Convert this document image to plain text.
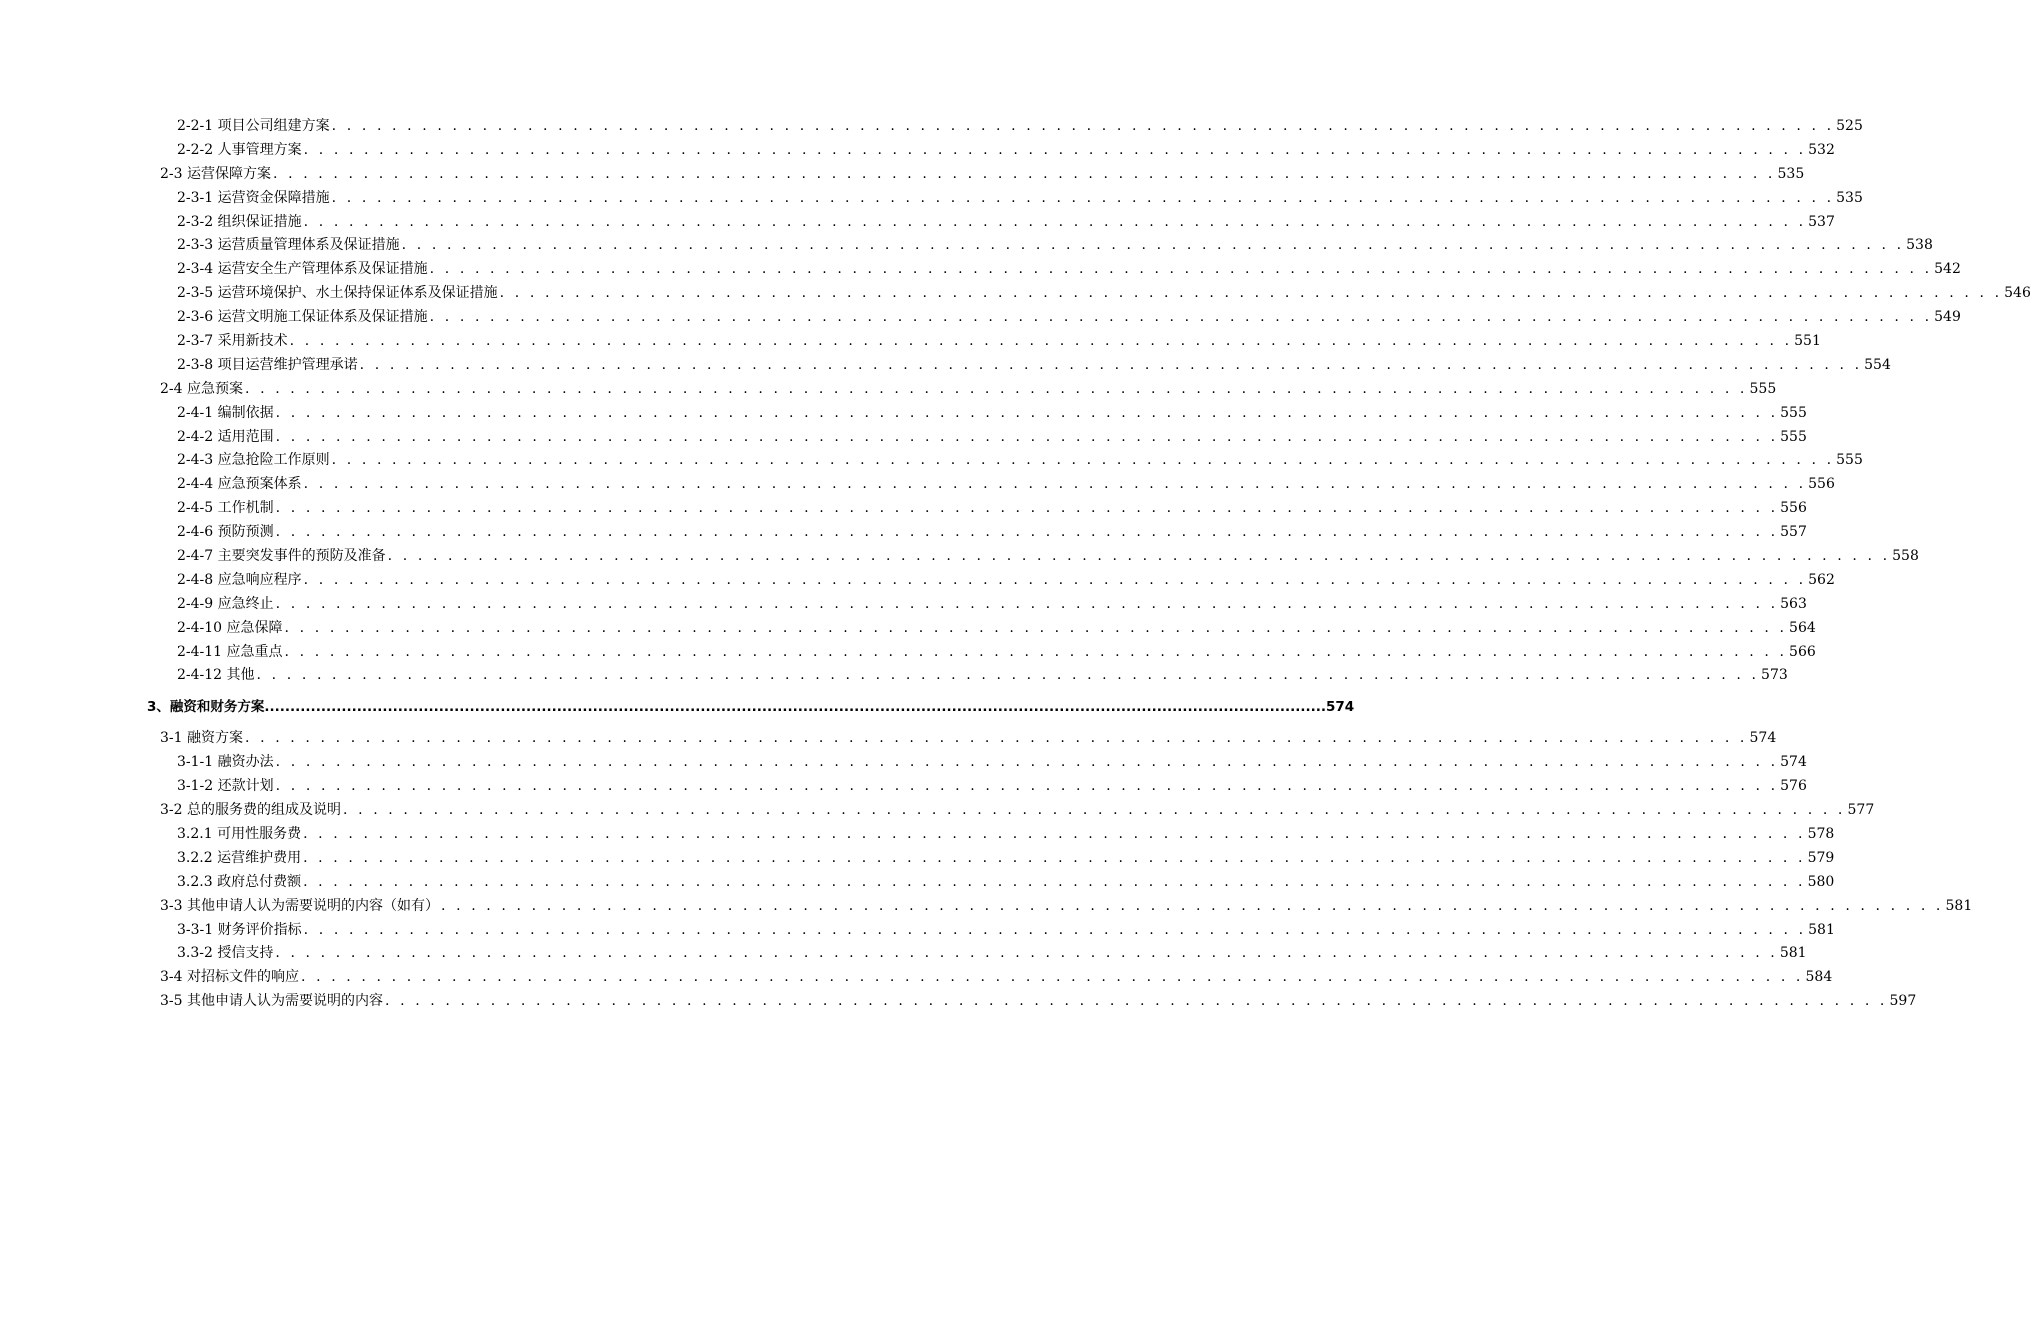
2-2-1 项目公司组建方案 . . . . . . . . . . . . . . . . . . . . . . . . . . . . . . . . . . . . . . . . . . . . . . . . . . . . . . . . . . . . . . . . . . . . . . . . . . . . . . . . . . . . . . . . . . . . . . . . . . . . 525
2-2-2 人事管理方案 . . . . . . . . . . . . . . . . . . . . . . . . . . . . . . . . . . . . . . . . . . . . . . . . . . . . . . . . . . . . . . . . . . . . . . . . . . . . . . . . . . . . . . . . . . . . . . . . . . . . 532
2-3 运营保障方案 . . . . . . . . . . . . . . . . . . . . . . . . . . . . . . . . . . . . . . . . . . . . . . . . . . . . . . . . . . . . . . . . . . . . . . . . . . . . . . . . . . . . . . . . . . . . . . . . . . . . 535
2-3-1 运营资金保障措施 . . . . . . . . . . . . . . . . . . . . . . . . . . . . . . . . . . . . . . . . . . . . . . . . . . . . . . . . . . . . . . . . . . . . . . . . . . . . . . . . . . . . . . . . . . . . . . . . . . . . 535
2-3-2 组织保证措施 . . . . . . . . . . . . . . . . . . . . . . . . . . . . . . . . . . . . . . . . . . . . . . . . . . . . . . . . . . . . . . . . . . . . . . . . . . . . . . . . . . . . . . . . . . . . . . . . . . . . 537
2-3-3 运营质量管理体系及保证措施 . . . . . . . . . . . . . . . . . . . . . . . . . . . . . . . . . . . . . . . . . . . . . . . . . . . . . . . . . . . . . . . . . . . . . . . . . . . . . . . . . . . . . . . . . . . . . . . . . . . . 538
2-3-4 运营安全生产管理体系及保证措施 . . . . . . . . . . . . . . . . . . . . . . . . . . . . . . . . . . . . . . . . . . . . . . . . . . . . . . . . . . . . . . . . . . . . . . . . . . . . . . . . . . . . . . . . . . . . . . . . . . . . 542
2-3-5 运营环境保护、水土保持保证体系及保证措施 . . . . . . . . . . . . . . . . . . . . . . . . . . . . . . . . . . . . . . . . . . . . . . . . . . . . . . . . . . . . . . . . . . . . . . . . . . . . . . . . . . . . . . . . . . . . . . . . . . . . 546
2-3-6 运营文明施工保证体系及保证措施 . . . . . . . . . . . . . . . . . . . . . . . . . . . . . . . . . . . . . . . . . . . . . . . . . . . . . . . . . . . . . . . . . . . . . . . . . . . . . . . . . . . . . . . . . . . . . . . . . . . . 549
2-3-7 采用新技术 . . . . . . . . . . . . . . . . . . . . . . . . . . . . . . . . . . . . . . . . . . . . . . . . . . . . . . . . . . . . . . . . . . . . . . . . . . . . . . . . . . . . . . . . . . . . . . . . . . . . 551
2-3-8 项目运营维护管理承诺 . . . . . . . . . . . . . . . . . . . . . . . . . . . . . . . . . . . . . . . . . . . . . . . . . . . . . . . . . . . . . . . . . . . . . . . . . . . . . . . . . . . . . . . . . . . . . . . . . . . . 554
2-4 应急预案 . . . . . . . . . . . . . . . . . . . . . . . . . . . . . . . . . . . . . . . . . . . . . . . . . . . . . . . . . . . . . . . . . . . . . . . . . . . . . . . . . . . . . . . . . . . . . . . . . . . . 555
2-4-1 编制依据 . . . . . . . . . . . . . . . . . . . . . . . . . . . . . . . . . . . . . . . . . . . . . . . . . . . . . . . . . . . . . . . . . . . . . . . . . . . . . . . . . . . . . . . . . . . . . . . . . . . . 555
2-4-2 适用范围 . . . . . . . . . . . . . . . . . . . . . . . . . . . . . . . . . . . . . . . . . . . . . . . . . . . . . . . . . . . . . . . . . . . . . . . . . . . . . . . . . . . . . . . . . . . . . . . . . . . . 555
2-4-3 应急抢险工作原则 . . . . . . . . . . . . . . . . . . . . . . . . . . . . . . . . . . . . . . . . . . . . . . . . . . . . . . . . . . . . . . . . . . . . . . . . . . . . . . . . . . . . . . . . . . . . . . . . . . . . 555
2-4-4 应急预案体系 . . . . . . . . . . . . . . . . . . . . . . . . . . . . . . . . . . . . . . . . . . . . . . . . . . . . . . . . . . . . . . . . . . . . . . . . . . . . . . . . . . . . . . . . . . . . . . . . . . . . 556
2-4-5 工作机制 . . . . . . . . . . . . . . . . . . . . . . . . . . . . . . . . . . . . . . . . . . . . . . . . . . . . . . . . . . . . . . . . . . . . . . . . . . . . . . . . . . . . . . . . . . . . . . . . . . . . 556
2-4-6 预防预测 . . . . . . . . . . . . . . . . . . . . . . . . . . . . . . . . . . . . . . . . . . . . . . . . . . . . . . . . . . . . . . . . . . . . . . . . . . . . . . . . . . . . . . . . . . . . . . . . . . . . 557
2-4-7 主要突发事件的预防及准备 . . . . . . . . . . . . . . . . . . . . . . . . . . . . . . . . . . . . . . . . . . . . . . . . . . . . . . . . . . . . . . . . . . . . . . . . . . . . . . . . . . . . . . . . . . . . . . . . . . . . 558
2-4-8 应急响应程序 . . . . . . . . . . . . . . . . . . . . . . . . . . . . . . . . . . . . . . . . . . . . . . . . . . . . . . . . . . . . . . . . . . . . . . . . . . . . . . . . . . . . . . . . . . . . . . . . . . . . 562
2-4-9 应急终止 . . . . . . . . . . . . . . . . . . . . . . . . . . . . . . . . . . . . . . . . . . . . . . . . . . . . . . . . . . . . . . . . . . . . . . . . . . . . . . . . . . . . . . . . . . . . . . . . . . . . 563
2-4-10 应急保障 . . . . . . . . . . . . . . . . . . . . . . . . . . . . . . . . . . . . . . . . . . . . . . . . . . . . . . . . . . . . . . . . . . . . . . . . . . . . . . . . . . . . . . . . . . . . . . . . . . . . 564
2-4-11 应急重点 . . . . . . . . . . . . . . . . . . . . . . . . . . . . . . . . . . . . . . . . . . . . . . . . . . . . . . . . . . . . . . . . . . . . . . . . . . . . . . . . . . . . . . . . . . . . . . . . . . . . 566
2-4-12 其他 . . . . . . . . . . . . . . . . . . . . . . . . . . . . . . . . . . . . . . . . . . . . . . . . . . . . . . . . . . . . . . . . . . . . . . . . . . . . . . . . . . . . . . . . . . . . . . . . . . . . 573
3、融资和财务方案 ............................................................................................................................................................................................................... 574
3-1 融资方案 . . . . . . . . . . . . . . . . . . . . . . . . . . . . . . . . . . . . . . . . . . . . . . . . . . . . . . . . . . . . . . . . . . . . . . . . . . . . . . . . . . . . . . . . . . . . . . . . . . . . 574
3-1-1 融资办法 . . . . . . . . . . . . . . . . . . . . . . . . . . . . . . . . . . . . . . . . . . . . . . . . . . . . . . . . . . . . . . . . . . . . . . . . . . . . . . . . . . . . . . . . . . . . . . . . . . . . 574
3-1-2 还款计划 . . . . . . . . . . . . . . . . . . . . . . . . . . . . . . . . . . . . . . . . . . . . . . . . . . . . . . . . . . . . . . . . . . . . . . . . . . . . . . . . . . . . . . . . . . . . . . . . . . . . 576
3-2 总的服务费的组成及说明 . . . . . . . . . . . . . . . . . . . . . . . . . . . . . . . . . . . . . . . . . . . . . . . . . . . . . . . . . . . . . . . . . . . . . . . . . . . . . . . . . . . . . . . . . . . . . . . . . . . . 577
3.2.1 可用性服务费 . . . . . . . . . . . . . . . . . . . . . . . . . . . . . . . . . . . . . . . . . . . . . . . . . . . . . . . . . . . . . . . . . . . . . . . . . . . . . . . . . . . . . . . . . . . . . . . . . . . . 578
3.2.2 运营维护费用 . . . . . . . . . . . . . . . . . . . . . . . . . . . . . . . . . . . . . . . . . . . . . . . . . . . . . . . . . . . . . . . . . . . . . . . . . . . . . . . . . . . . . . . . . . . . . . . . . . . . 579
3.2.3 政府总付费额 . . . . . . . . . . . . . . . . . . . . . . . . . . . . . . . . . . . . . . . . . . . . . . . . . . . . . . . . . . . . . . . . . . . . . . . . . . . . . . . . . . . . . . . . . . . . . . . . . . . . 580
3-3 其他申请人认为需要说明的内容（如有） . . . . . . . . . . . . . . . . . . . . . . . . . . . . . . . . . . . . . . . . . . . . . . . . . . . . . . . . . . . . . . . . . . . . . . . . . . . . . . . . . . . . . . . . . . . . . . . . . . . . 581
3-3-1 财务评价指标 . . . . . . . . . . . . . . . . . . . . . . . . . . . . . . . . . . . . . . . . . . . . . . . . . . . . . . . . . . . . . . . . . . . . . . . . . . . . . . . . . . . . . . . . . . . . . . . . . . . . 581
3.3-2 授信支持 . . . . . . . . . . . . . . . . . . . . . . . . . . . . . . . . . . . . . . . . . . . . . . . . . . . . . . . . . . . . . . . . . . . . . . . . . . . . . . . . . . . . . . . . . . . . . . . . . . . . 581
3-4 对招标文件的响应 . . . . . . . . . . . . . . . . . . . . . . . . . . . . . . . . . . . . . . . . . . . . . . . . . . . . . . . . . . . . . . . . . . . . . . . . . . . . . . . . . . . . . . . . . . . . . . . . . . . . 584
3-5 其他申请人认为需要说明的内容 . . . . . . . . . . . . . . . . . . . . . . . . . . . . . . . . . . . . . . . . . . . . . . . . . . . . . . . . . . . . . . . . . . . . . . . . . . . . . . . . . . . . . . . . . . . . . . . . . . . . 597
